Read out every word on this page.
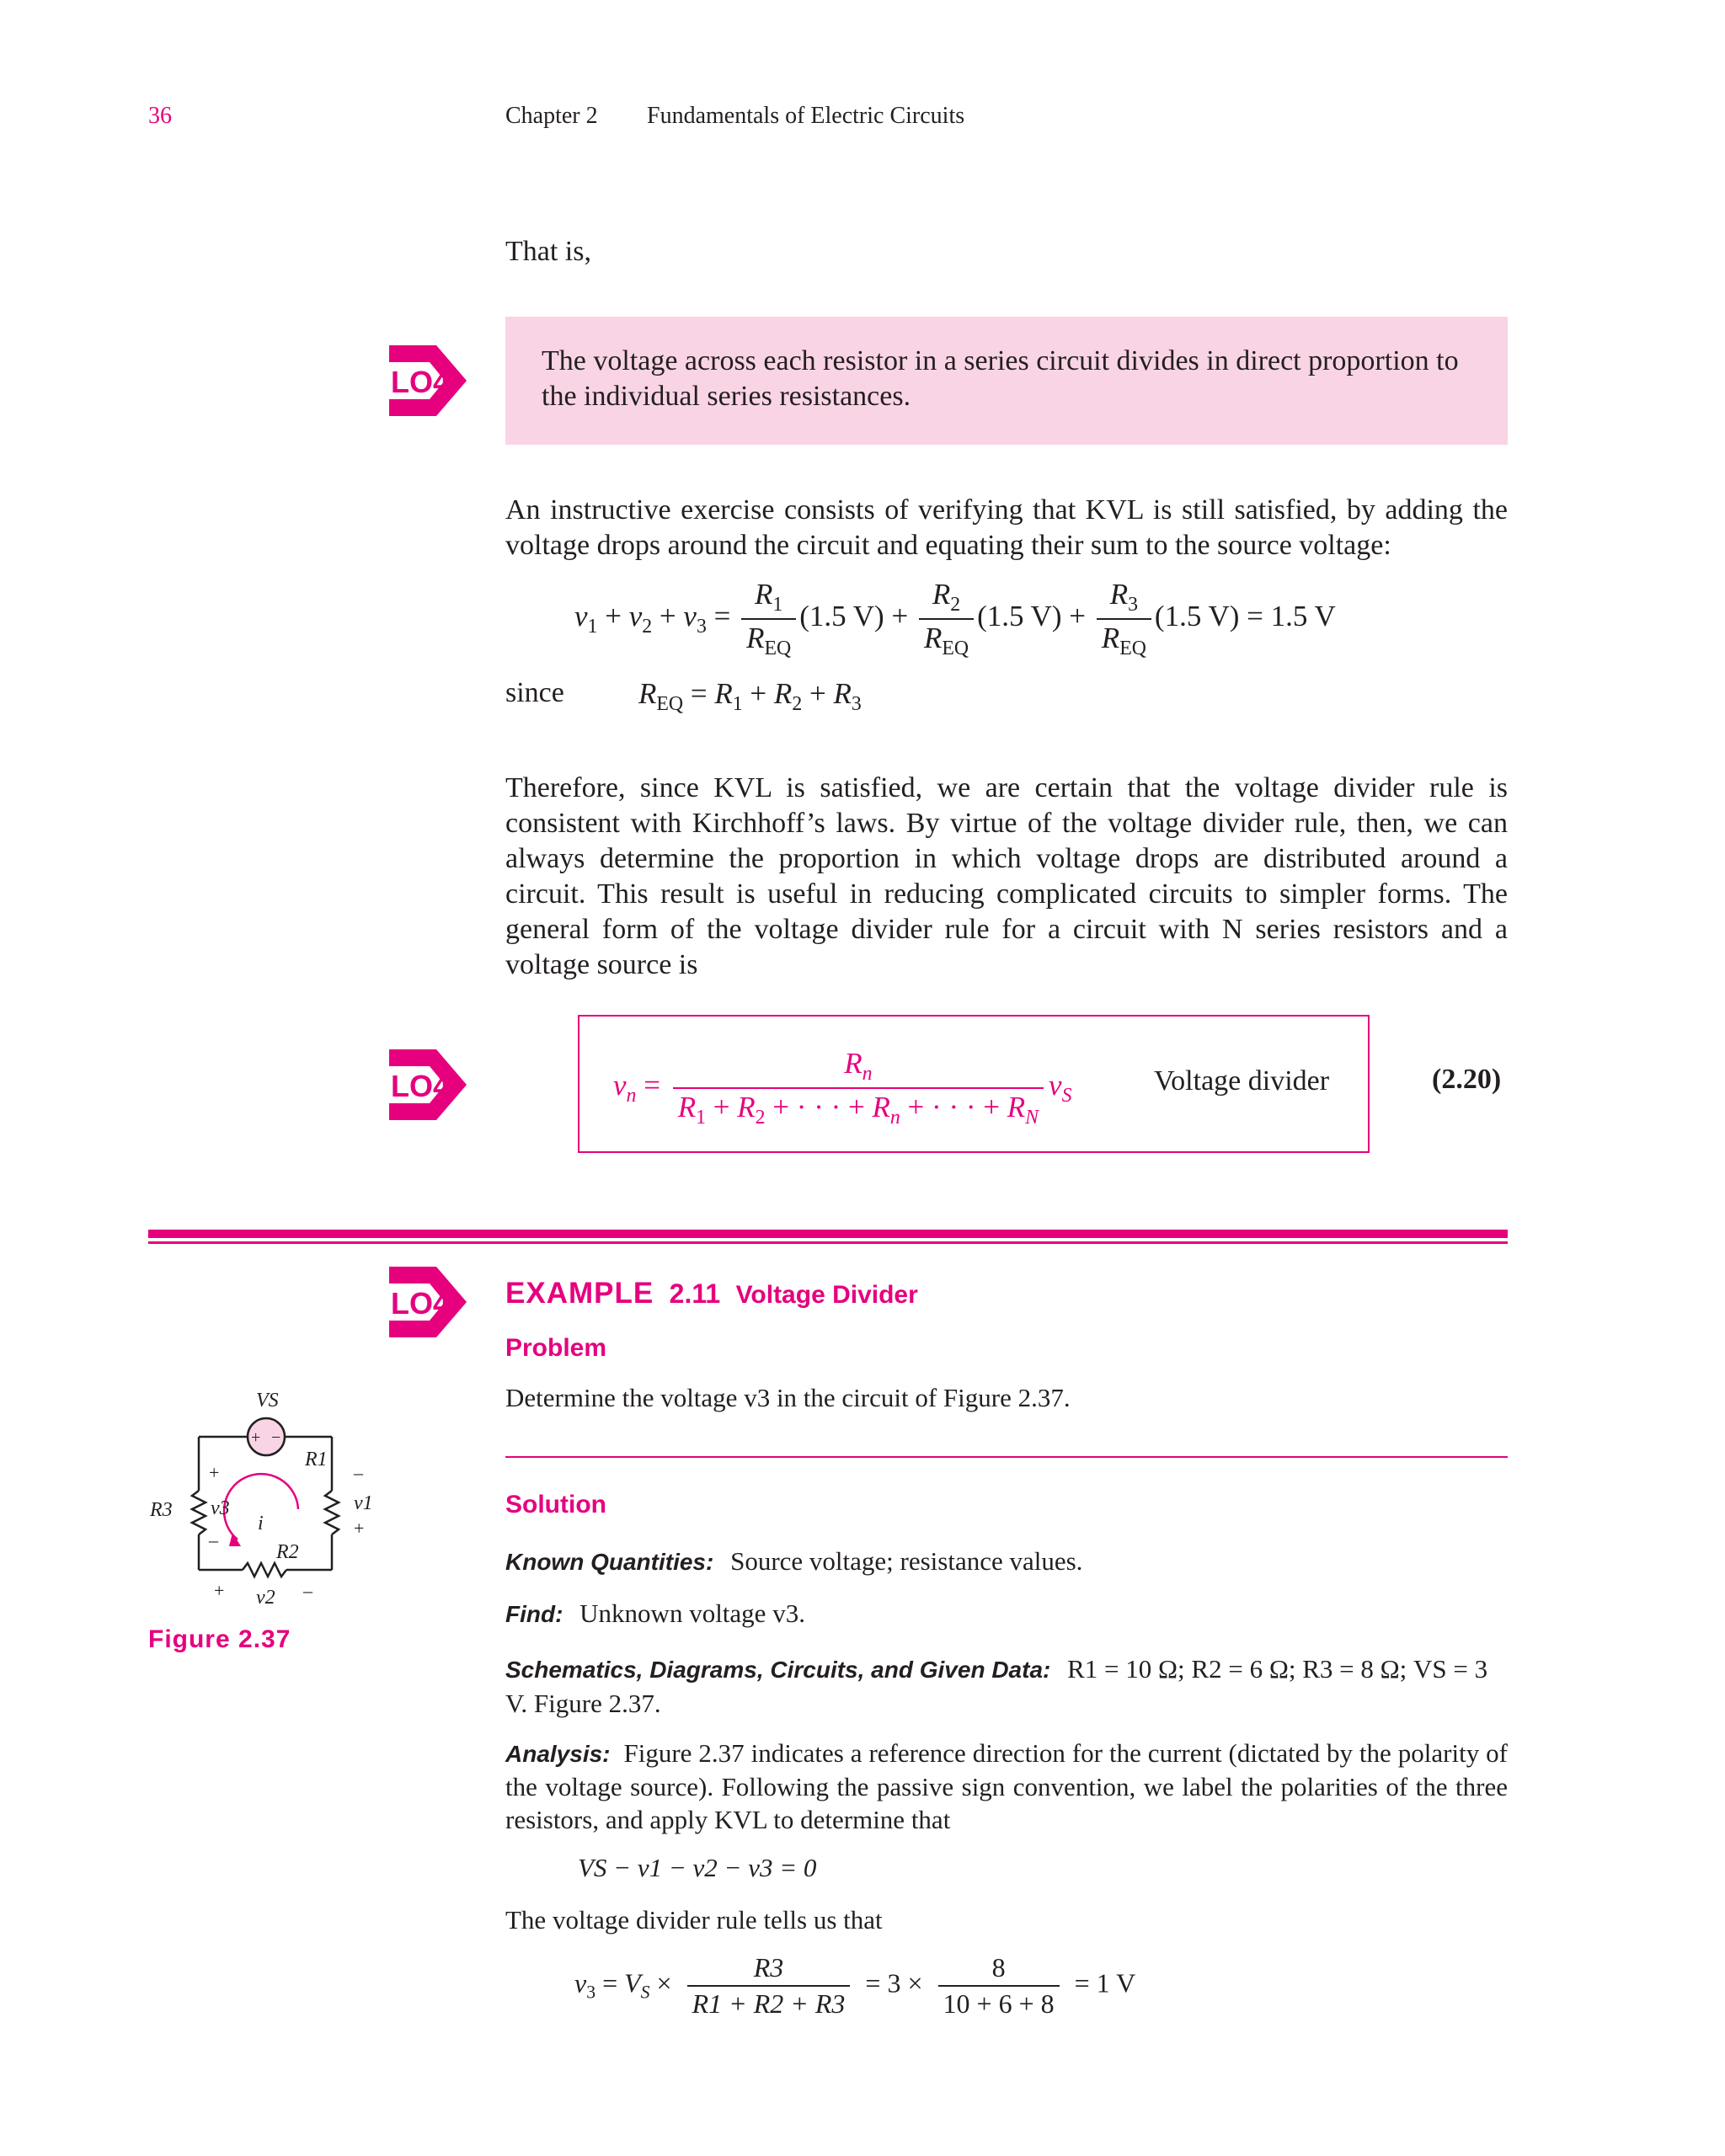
36	Chapter 2 Fundamentals of Electric Circuits
That is,
LO4
The voltage across each resistor in a series circuit divides in direct proportion to the individual series resistances.
An instructive exercise consists of verifying that KVL is still satisfied, by adding the voltage drops around the circuit and equating their sum to the source voltage:
$v_1 + v_2 + v_3 = \frac{R_1}{R_{EQ}} (1.5$ $V) + \frac{R_2}{R_{EQ}} (1.5$ $V) + \frac{R_3}{R_{EQ}} (1.5$ V) = 1.5 V
since	$R_{EQ} = R_1 + R_2 + R_3$
Therefore, since KVL is satisfied, we are certain that the voltage divider rule is consistent with Kirchhoff’s laws. By virtue of the voltage divider rule, then, we can always determine the proportion in which voltage drops are distributed around a circuit. This result is useful in reducing complicated circuits to simpler forms. The general form of the voltage divider rule for a circuit with N series resistors and a voltage source is
LO4	$v_n = \frac{R_n}{R_1 + R_2 + \cdot \cdot \cdot + R_n + \cdot \cdot \cdot + R_N} v_S$	Voltage divider	(2.20)
LO4 EXAMPLE 2.11 Voltage Divider
Problem
Determine the voltage v3 in the circuit of Figure 2.37.
Solution
Known Quantities: Source voltage; resistance values.
Find: Unknown voltage v3.
Schematics, Diagrams, Circuits, and Given Data: R1 = 10 Ω; R2 = 6 Ω; R3 = 8 Ω; VS = 3 V. Figure 2.37.
Analysis: Figure 2.37 indicates a reference direction for the current (dictated by the polarity of the voltage source). Following the passive sign convention, we label the polarities of the three resistors, and apply KVL to determine that
VS − v1 − v2 − v3 = 0
The voltage divider rule tells us that
$v_3 = V_S \times \frac{R3}{R1 + R2 + R3} = 3 \times \frac{8}{10 + 6 + 8} = 1$ V
+ −
+
–
–
+
+	–
VS
R1
R2
R3	v1
v2
v3
i
Figure 2.37
